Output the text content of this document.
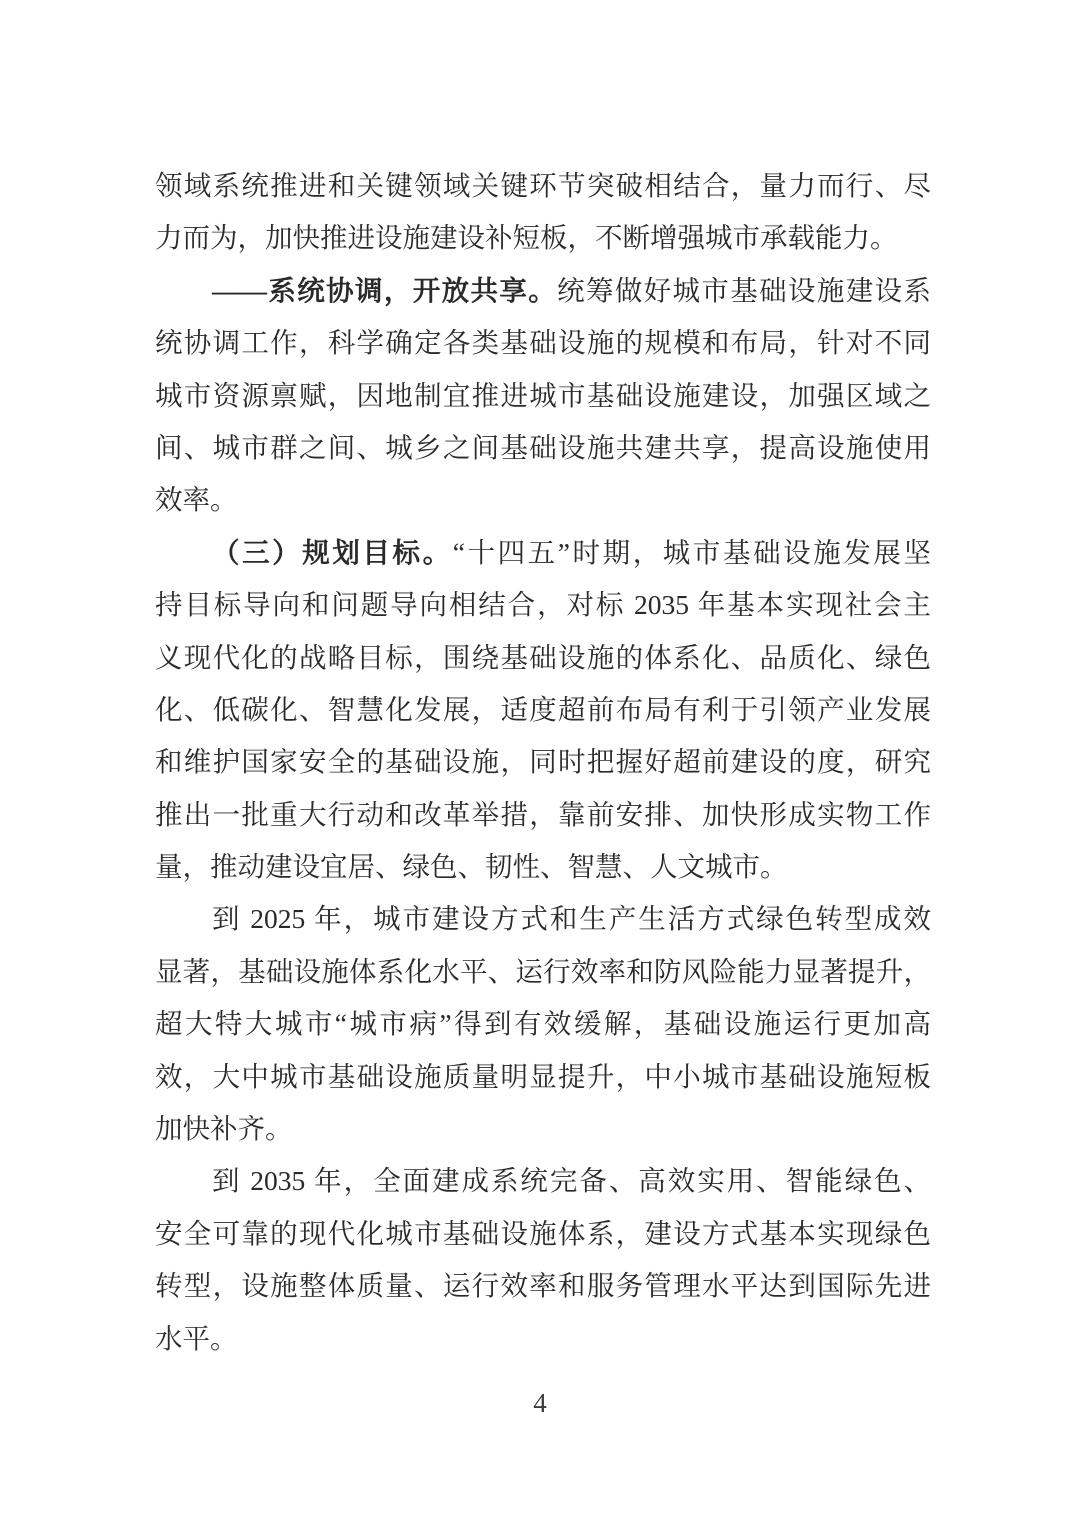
领域系统推进和关键领域关键环节突破相结合，量力而行、尽
力而为，加快推进设施建设补短板，不断增强城市承载能力。
——系统协调，开放共享。统筹做好城市基础设施建设系
统协调工作，科学确定各类基础设施的规模和布局，针对不同
城市资源禀赋，因地制宜推进城市基础设施建设，加强区域之
间、城市群之间、城乡之间基础设施共建共享，提高设施使用
效率。
（三）规划目标。“十四五”时期，城市基础设施发展坚
持目标导向和问题导向相结合，对标 2035 年基本实现社会主
义现代化的战略目标，围绕基础设施的体系化、品质化、绿色
化、低碳化、智慧化发展，适度超前布局有利于引领产业发展
和维护国家安全的基础设施，同时把握好超前建设的度，研究
推出一批重大行动和改革举措，靠前安排、加快形成实物工作
量，推动建设宜居、绿色、韧性、智慧、人文城市。
到 2025 年，城市建设方式和生产生活方式绿色转型成效
显著，基础设施体系化水平、运行效率和防风险能力显著提升，
超大特大城市“城市病”得到有效缓解，基础设施运行更加高
效，大中城市基础设施质量明显提升，中小城市基础设施短板
加快补齐。
到 2035 年，全面建成系统完备、高效实用、智能绿色、
安全可靠的现代化城市基础设施体系，建设方式基本实现绿色
转型，设施整体质量、运行效率和服务管理水平达到国际先进
水平。
4
